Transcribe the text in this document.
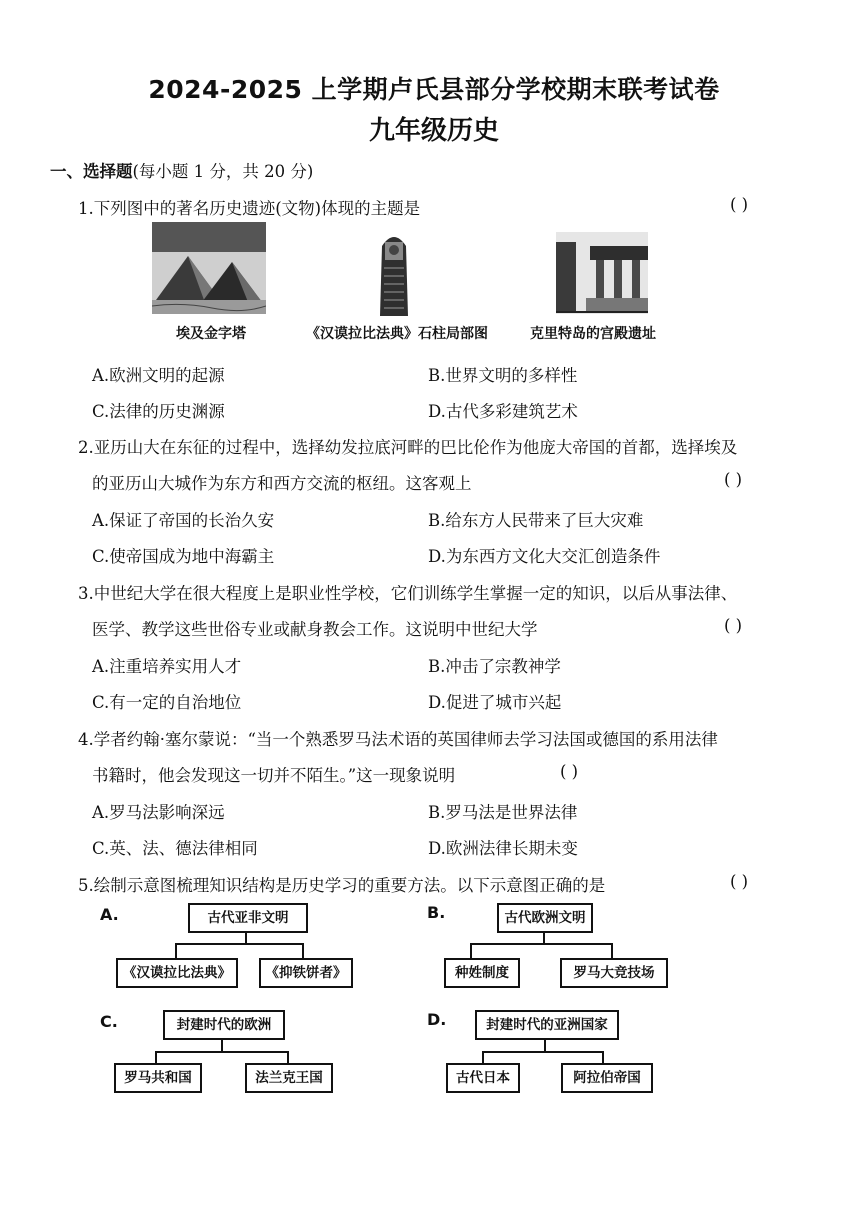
2024-2025 上学期卢氏县部分学校期末联考试卷
九年级历史
一、选择题(每小题 1 分，共 20 分)
1.下列图中的著名历史遗迹(文物)体现的主题是	( )
埃及金字塔	《汉谟拉比法典》石柱局部图	克里特岛的宫殿遗址
A.欧洲文明的起源	B.世界文明的多样性
C.法律的历史渊源	D.古代多彩建筑艺术
2.亚历山大在东征的过程中，选择幼发拉底河畔的巴比伦作为他庞大帝国的首都，选择埃及
的亚历山大城作为东方和西方交流的枢纽。这客观上	( )
A.保证了帝国的长治久安	B.给东方人民带来了巨大灾难
C.使帝国成为地中海霸主	D.为东西方文化大交汇创造条件
3.中世纪大学在很大程度上是职业性学校，它们训练学生掌握一定的知识，以后从事法律、
医学、教学这些世俗专业或献身教会工作。这说明中世纪大学	( )
A.注重培养实用人才	B.冲击了宗教神学
C.有一定的自治地位	D.促进了城市兴起
4.学者约翰·塞尔蒙说：“当一个熟悉罗马法术语的英国律师去学习法国或德国的系用法律
书籍时，他会发现这一切并不陌生。”这一现象说明	( )
A.罗马法影响深远	B.罗马法是世界法律
C.英、法、德法律相同	D.欧洲法律长期未变
5.绘制示意图梳理知识结构是历史学习的重要方法。以下示意图正确的是	( )
A.	古代亚非文明
《汉谟拉比法典》	《抑铁饼者》
B.	古代欧洲文明
种姓制度	罗马大竞技场
C.	封建时代的欧洲
罗马共和国	法兰克王国
D.	封建时代的亚洲国家
古代日本	阿拉伯帝国
